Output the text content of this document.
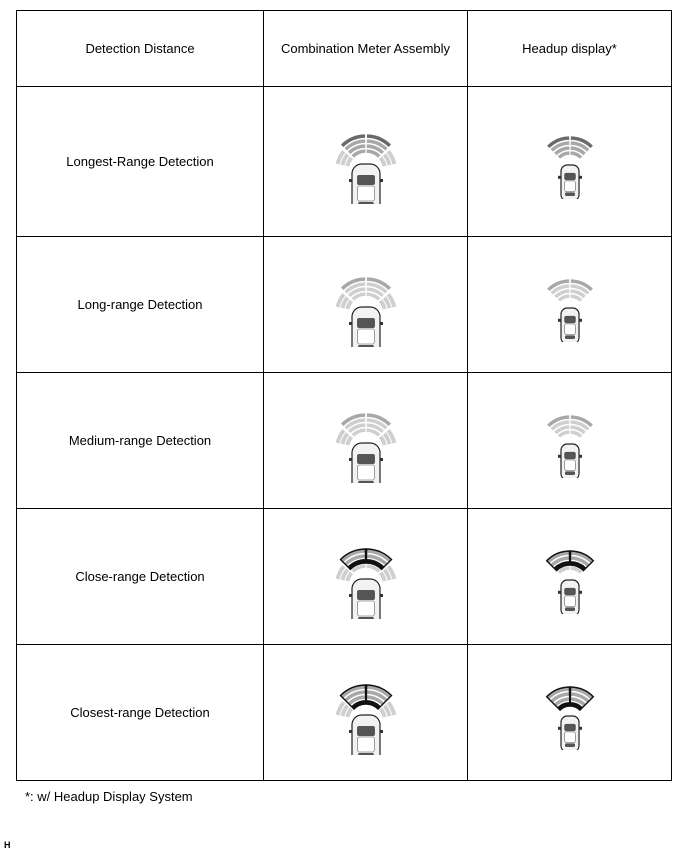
Detection Distance	Combination Meter Assembly	Headup display*
Longest-Range Detection	

Long-range Detection	

Medium-range Detection	

Close-range Detection	

Closest-range Detection	

*: w/ Headup Display System
H
